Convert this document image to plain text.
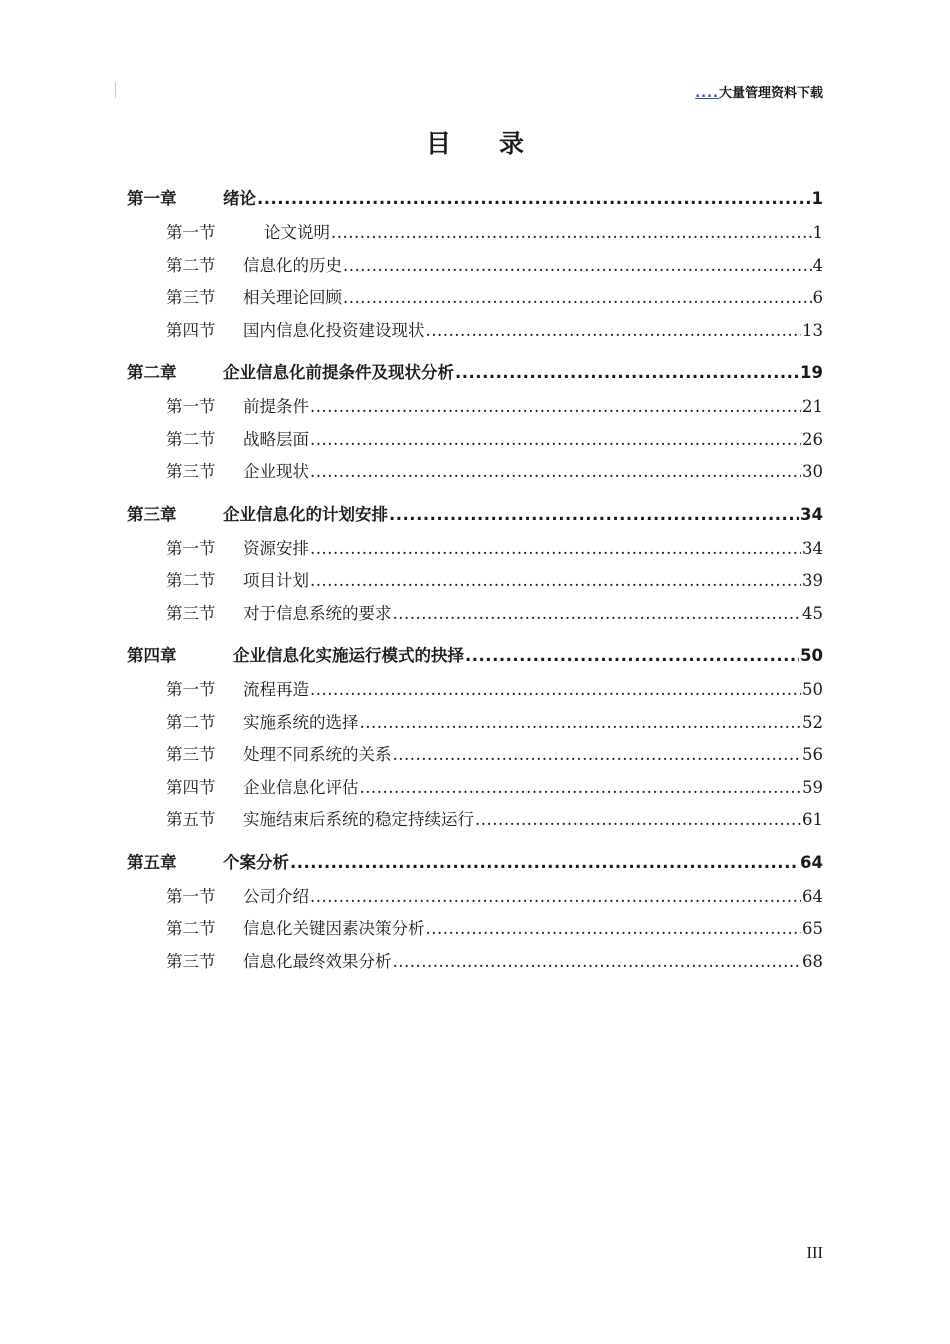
....大量管理资料下载
目录
第一章	绪论 .....	1
第一节	论文说明 .....	1
第二节	信息化的历史 .....	4
第三节	相关理论回顾 .....	6
第四节	国内信息化投资建设现状 .....	13
第二章	企业信息化前提条件及现状分析 .....	19
第一节	前提条件 .....	21
第二节	战略层面 .....	26
第三节	企业现状 .....	30
第三章	企业信息化的计划安排 .....	34
第一节	资源安排 .....	34
第二节	项目计划 .....	39
第三节	对于信息系统的要求 .....	45
第四章	企业信息化实施运行模式的抉择 .....	50
第一节	流程再造 .....	50
第二节	实施系统的选择 .....	52
第三节	处理不同系统的关系 .....	56
第四节	企业信息化评估 .....	59
第五节	实施结束后系统的稳定持续运行 .....	61
第五章	个案分析 .....	64
第一节	公司介绍 .....	64
第二节	信息化关键因素决策分析 .....	65
第三节	信息化最终效果分析 .....	68
III
